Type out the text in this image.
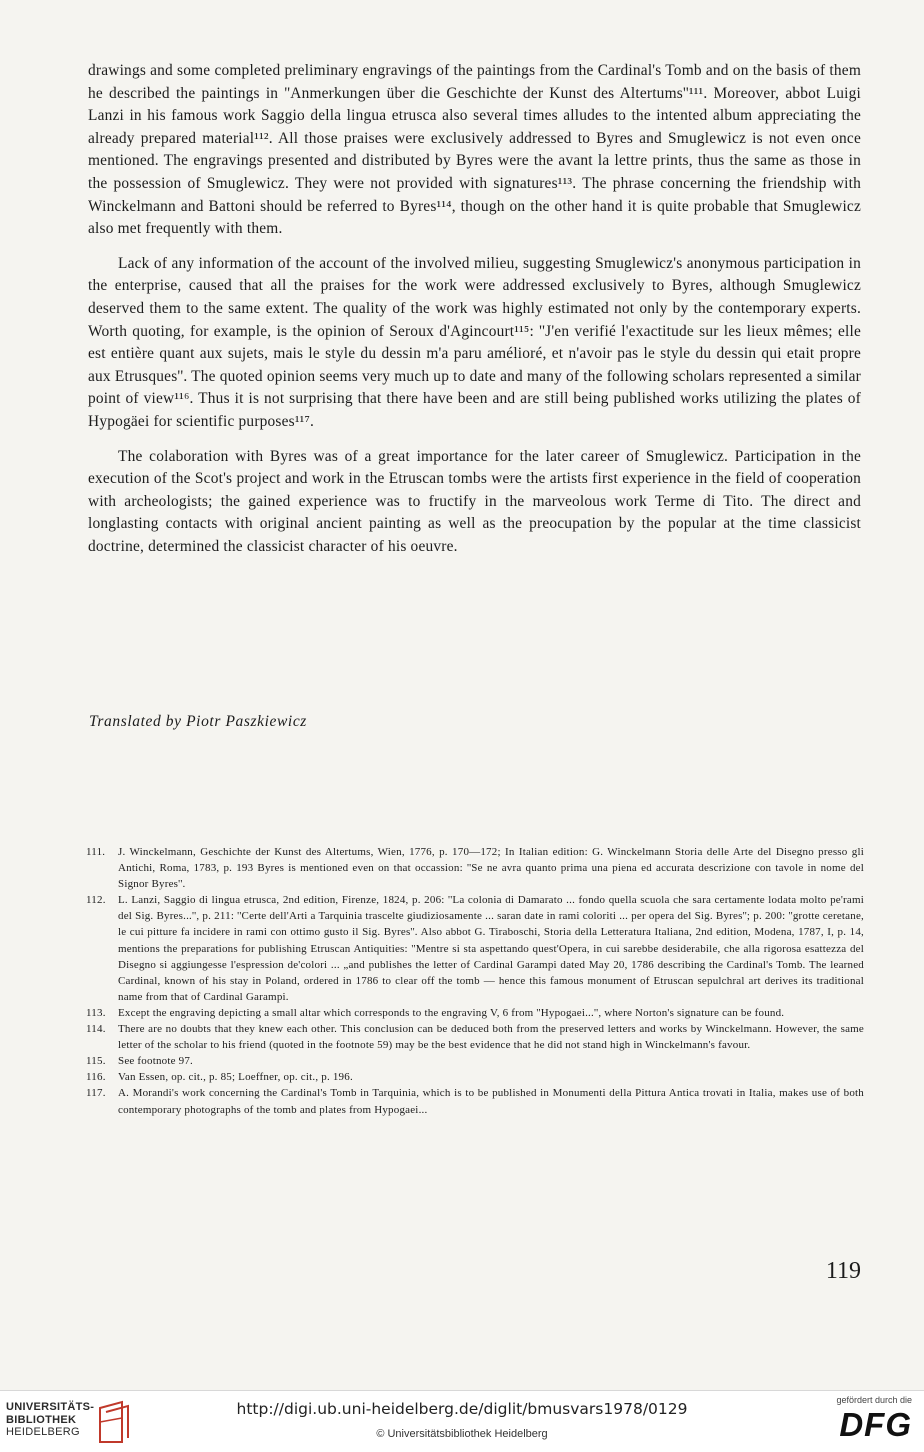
drawings and some completed preliminary engravings of the paintings from the Cardinal's Tomb and on the basis of them he described the paintings in ''Anmerkungen über die Geschichte der Kunst des Altertums''¹¹¹. Moreover, abbot Luigi Lanzi in his famous work Saggio della lingua etrusca also several times alludes to the intented album appreciating the already prepared material¹¹². All those praises were exclusively addressed to Byres and Smuglewicz is not even once mentioned. The engravings presented and distributed by Byres were the avant la lettre prints, thus the same as those in the possession of Smuglewicz. They were not provided with signatures¹¹³. The phrase concerning the friendship with Winckelmann and Battoni should be referred to Byres¹¹⁴, though on the other hand it is quite probable that Smuglewicz also met frequently with them.

Lack of any information of the account of the involved milieu, suggesting Smuglewicz's anonymous participation in the enterprise, caused that all the praises for the work were addressed exclusively to Byres, although Smuglewicz deserved them to the same extent. The quality of the work was highly estimated not only by the contemporary experts. Worth quoting, for example, is the opinion of Seroux d'Agincourt¹¹⁵: ''J'en verifié l'exactitude sur les lieux mêmes; elle est entière quant aux sujets, mais le style du dessin m'a paru amélioré, et n'avoir pas le style du dessin qui etait propre aux Etrusques''. The quoted opinion seems very much up to date and many of the following scholars represented a similar point of view¹¹⁶. Thus it is not surprising that there have been and are still being published works utilizing the plates of Hypogäei for scientific purposes¹¹⁷.

The colaboration with Byres was of a great importance for the later career of Smuglewicz. Participation in the execution of the Scot's project and work in the Etruscan tombs were the artists first experience in the field of cooperation with archeologists; the gained experience was to fructify in the marveolous work Terme di Tito. The direct and longlasting contacts with original ancient painting as well as the preocupation by the popular at the time classicist doctrine, determined the classicist character of his oeuvre.

Translated by Piotr Paszkiewicz
111.	J. Winckelmann, Geschichte der Kunst des Altertums, Wien, 1776, p. 170—172; In Italian edition: G. Winckelmann Storia delle Arte del Disegno presso gli Antichi, Roma, 1783, p. 193 Byres is mentioned even on that occassion: ''Se ne avra quanto prima una piena ed accurata descrizione con tavole in nome del Signor Byres''.
112.	L. Lanzi, Saggio di lingua etrusca, 2nd edition, Firenze, 1824, p. 206: ''La colonia di Damarato ... fondo quella scuola che sara certamente lodata molto pe'rami del Sig. Byres...'', p. 211: ''Certe dell'Arti a Tarquinia trascelte giudiziosamente ... saran date in rami coloriti ... per opera del Sig. Byres''; p. 200: ''grotte ceretane, le cui pitture fa incidere in rami con ottimo gusto il Sig. Byres''. Also abbot G. Tiraboschi, Storia della Letteratura Italiana, 2nd edition, Modena, 1787, I, p. 14, mentions the preparations for publishing Etruscan Antiquities: ''Mentre si sta aspettando quest'Opera, in cui sarebbe desiderabile, che alla rigorosa esattezza del Disegno si aggiungesse l'espression de'colori ... „and publishes the letter of Cardinal Garampi dated May 20, 1786 describing the Cardinal's Tomb. The learned Cardinal, known of his stay in Poland, ordered in 1786 to clear off the tomb — hence this famous monument of Etruscan sepulchral art derives its traditional name from that of Cardinal Garampi.
113.	Except the engraving depicting a small altar which corresponds to the engraving V, 6 from ''Hypogaei...'', where Norton's signature can be found.
114.	There are no doubts that they knew each other. This conclusion can be deduced both from the preserved letters and works by Winckelmann. However, the same letter of the scholar to his friend (quoted in the footnote 59) may be the best evidence that he did not stand high in Winckelmann's favour.
115.	See footnote 97.
116.	Van Essen, op. cit., p. 85; Loeffner, op. cit., p. 196.
117.	A. Morandi's work concerning the Cardinal's Tomb in Tarquinia, which is to be published in Monumenti della Pittura Antica trovati in Italia, makes use of both contemporary photographs of the tomb and plates from Hypogaei...
119
UNIVERSITÄTS-
BIBLIOTHEK
HEIDELBERG
http://digi.ub.uni-heidelberg.de/diglit/bmusvars1978/0129
© Universitätsbibliothek Heidelberg
gefördert durch die
DFG
